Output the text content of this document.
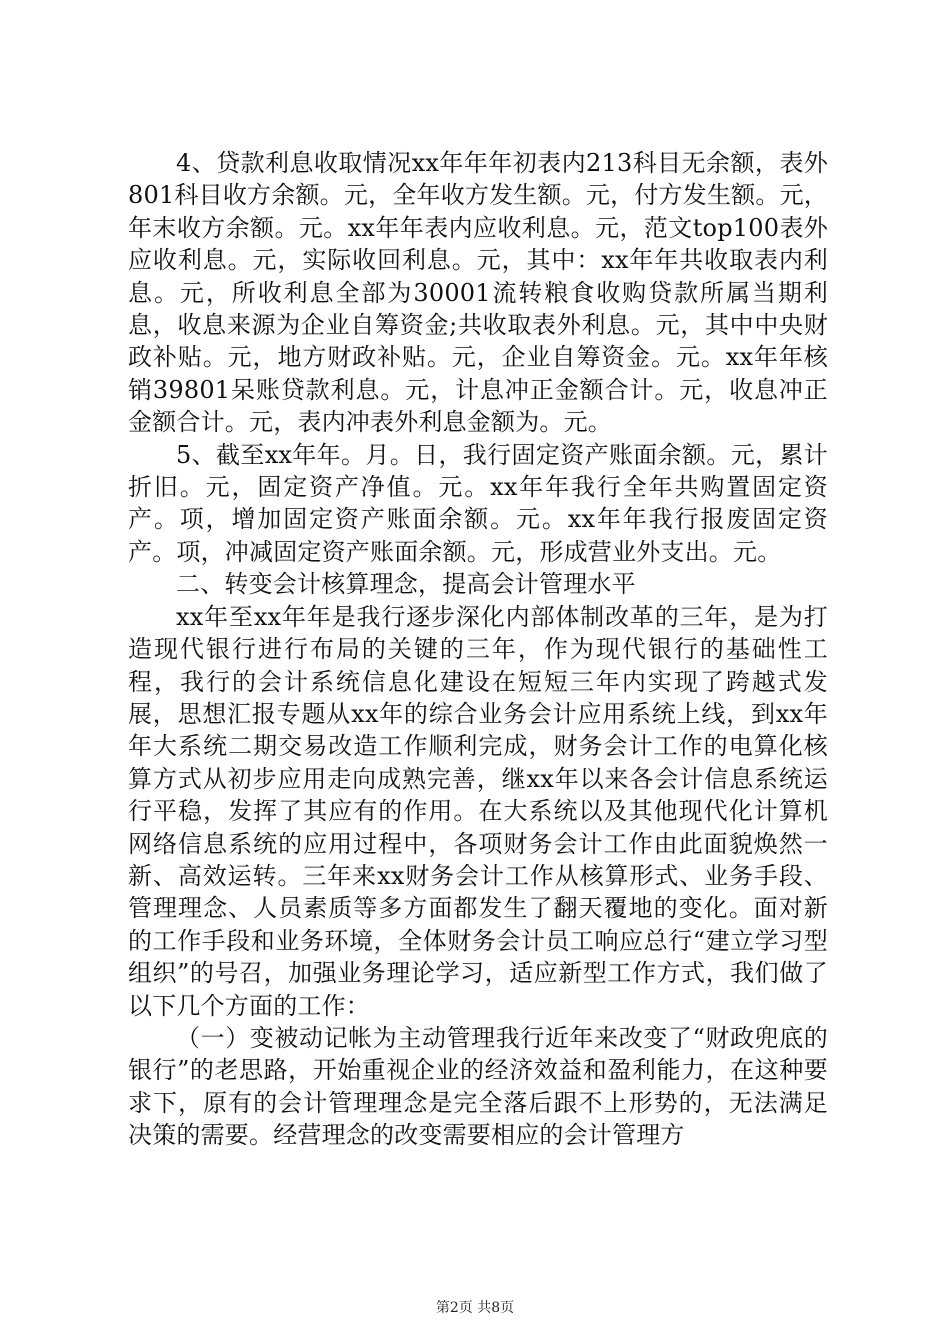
4、贷款利息收取情况xx年年年初表内213科目无余额，表外801科目收方余额。元，全年收方发生额。元，付方发生额。元，年末收方余额。元。xx年年表内应收利息。元，范文top100表外应收利息。元，实际收回利息。元，其中：xx年年共收取表内利息。元，所收利息全部为30001流转粮食收购贷款所属当期利息，收息来源为企业自筹资金;共收取表外利息。元，其中中央财政补贴。元，地方财政补贴。元，企业自筹资金。元。xx年年核销39801呆账贷款利息。元，计息冲正金额合计。元，收息冲正金额合计。元，表内冲表外利息金额为。元。

5、截至xx年年。月。日，我行固定资产账面余额。元，累计折旧。元，固定资产净值。元。xx年年我行全年共购置固定资产。项，增加固定资产账面余额。元。xx年年我行报废固定资产。项，冲减固定资产账面余额。元，形成营业外支出。元。

二、转变会计核算理念，提高会计管理水平

xx年至xx年年是我行逐步深化内部体制改革的三年，是为打造现代银行进行布局的关键的三年，作为现代银行的基础性工程，我行的会计系统信息化建设在短短三年内实现了跨越式发展，思想汇报专题从xx年的综合业务会计应用系统上线，到xx年年大系统二期交易改造工作顺利完成，财务会计工作的电算化核算方式从初步应用走向成熟完善，继xx年以来各会计信息系统运行平稳，发挥了其应有的作用。在大系统以及其他现代化计算机网络信息系统的应用过程中，各项财务会计工作由此面貌焕然一新、高效运转。三年来xx财务会计工作从核算形式、业务手段、管理理念、人员素质等多方面都发生了翻天覆地的变化。面对新的工作手段和业务环境，全体财务会计员工响应总行“建立学习型组织”的号召，加强业务理论学习，适应新型工作方式，我们做了以下几个方面的工作：

（一）变被动记帐为主动管理我行近年来改变了“财政兜底的银行”的老思路，开始重视企业的经济效益和盈利能力，在这种要求下，原有的会计管理理念是完全落后跟不上形势的，无法满足决策的需要。经营理念的改变需要相应的会计管理方

第2页 共8页
